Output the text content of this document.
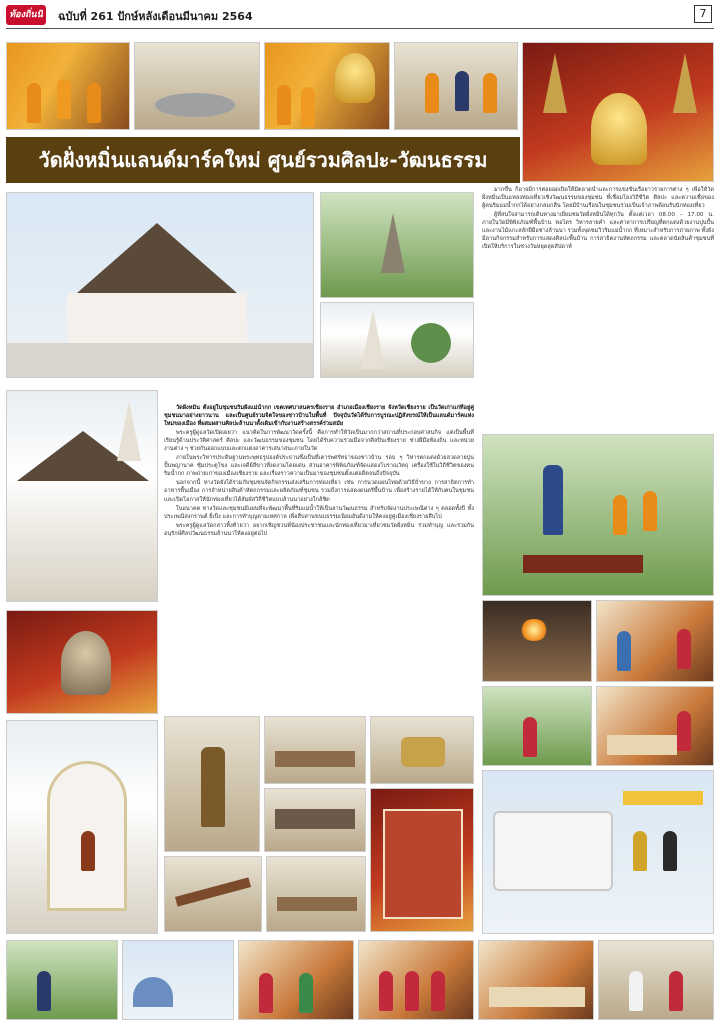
ท้องถิ่นนิวส์
ฉบับที่ 261 ปักษ์หลังเดือนมีนาคม 2564	7
วัดฝั่งหมิ่นแลนด์มาร์คใหม่ ศูนย์รวมศิลปะ-วัฒนธรรม

มากขึ้น ก็อาจมีการต่อยอดเปิดให้มีตลาดน้ำและการแข่งขันเรือยาวรายการต่าง ๆ เพื่อให้วัดฝั่งหมิ่นเป็นแหล่งท่องเที่ยวเชิงวัฒนธรรมของชุมชน ที่เชื่อมโยงวิถีชีวิต ศิลปะ และความเชื่อของผู้คนริมแม่น้ำกกได้อย่างกลมกลืน โดยมีบ้านเรือนในชุมชนร่วมเป็นเจ้าภาพต้อนรับนักท่องเที่ยว

ผู้ที่สนใจสามารถเดินทางมาเยี่ยมชมวัดฝั่งหมิ่นได้ทุกวัน ตั้งแต่เวลา 08.00 – 17.00 น. ภายในวัดมีพิพิธภัณฑ์พื้นบ้าน หอไตร วิหารลายคำ และศาลาการเปรียญที่ตกแต่งด้วยงานปูนปั้นและงานไม้แกะสลักฝีมือช่างล้านนา รวมทั้งจุดชมวิวริมแม่น้ำกก ที่เหมาะสำหรับการถ่ายภาพ ทั้งยังมีลานกิจกรรมสำหรับการแสดงศิลปะพื้นบ้าน การสาธิตงานหัตถกรรม และตลาดนัดสินค้าชุมชนที่เปิดให้บริการในช่วงวันหยุดสุดสัปดาห์

วัดฝั่งหมิ่น ตั้งอยู่ในชุมชนริมฝั่งแม่น้ำกก เขตเทศบาลนครเชียงราย อำเภอเมืองเชียงราย จังหวัดเชียงราย เป็นวัดเก่าแก่ที่อยู่คู่ชุมชนมาอย่างยาวนาน และเป็นศูนย์รวมจิตใจของชาวบ้านในพื้นที่ ปัจจุบันวัดได้รับการบูรณะปฏิสังขรณ์ให้เป็นแลนด์มาร์คแห่งใหม่ของเมือง ที่ผสมผสานศิลปะล้านนาดั้งเดิมเข้ากับงานสร้างสรรค์ร่วมสมัย

พระครูผู้ดูแลวัดเปิดเผยว่า แนวคิดในการพัฒนาวัดครั้งนี้ คือการทำให้วัดเป็นมากกว่าสถานที่ประกอบศาสนกิจ แต่เป็นพื้นที่เรียนรู้ด้านประวัติศาสตร์ ศิลปะ และวัฒนธรรมของชุมชน โดยได้รับความร่วมมือจากศิลปินเชียงราย ช่างฝีมือท้องถิ่น และหน่วยงานต่าง ๆ ช่วยกันออกแบบและตกแต่งอาคารเสนาสนะภายในวัด

ภายในพระวิหารประดิษฐานพระพุทธรูปองค์ประธานซึ่งเป็นที่เคารพศรัทธาของชาวบ้าน รอบ ๆ วิหารตกแต่งด้วยลวดลายปูนปั้นพญานาค ซุ้มประตูโขง และเจดีย์สีขาวที่งดงามโดดเด่น ส่วนอาคารพิพิธภัณฑ์จัดแสดงโบราณวัตถุ เครื่องใช้ในวิถีชีวิตของคนริมน้ำกก ภาพถ่ายเก่าของเมืองเชียงราย และเรื่องราวความเป็นมาของชุมชนตั้งแต่อดีตจนถึงปัจจุบัน

นอกจากนี้ ทางวัดยังได้ร่วมกับชุมชนจัดกิจกรรมส่งเสริมการท่องเที่ยว เช่น การนวดแผนไทยด้วยวิธีย่ำขาง การสาธิตการทำอาหารพื้นเมือง การจำหน่ายสินค้าหัตถกรรมและผลิตภัณฑ์ชุมชน รวมถึงการแสดงดนตรีพื้นบ้าน เพื่อสร้างรายได้ให้กับคนในชุมชนและเปิดโอกาสให้นักท่องเที่ยวได้สัมผัสวิถีชีวิตแบบล้านนาอย่างใกล้ชิด

ในอนาคต ทางวัดและชุมชนมีแผนที่จะพัฒนาพื้นที่ริมแม่น้ำให้เป็นลานวัฒนธรรม สำหรับจัดงานประเพณีต่าง ๆ ตลอดทั้งปี ทั้งประเพณีสงกรานต์ ยี่เป็ง และการทำบุญตามเทศกาล เพื่อสืบสานขนบธรรมเนียมอันดีงามให้คงอยู่คู่เมืองเชียงรายสืบไป

พระครูผู้ดูแลวัดกล่าวทิ้งท้ายว่า อยากเชิญชวนพี่น้องประชาชนและนักท่องเที่ยวมาเที่ยวชมวัดฝั่งหมิ่น ร่วมทำบุญ และร่วมกันอนุรักษ์ศิลปวัฒนธรรมล้านนาให้คงอยู่ต่อไป
